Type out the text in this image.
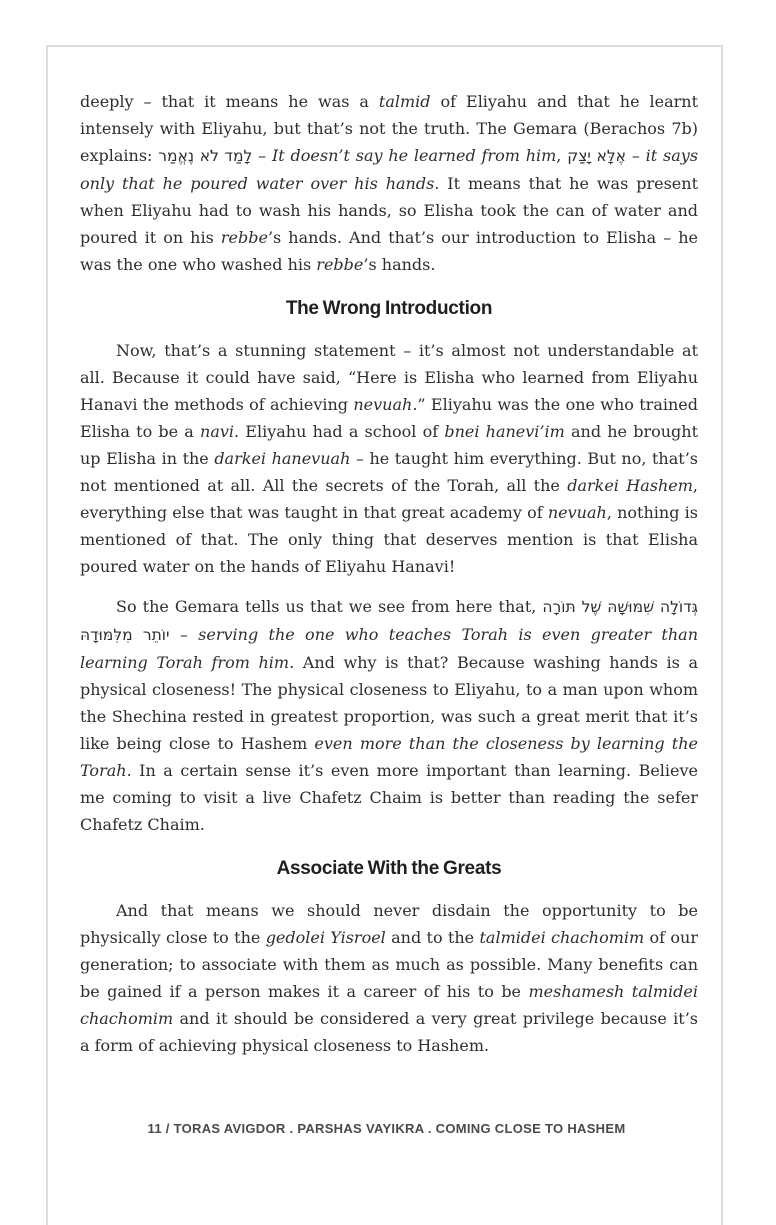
deeply – that it means he was a talmid of Eliyahu and that he learnt intensely with Eliyahu, but that’s not the truth. The Gemara (Berachos 7b) explains: לָמַד לֹא נֶאֱמַר – It doesn’t say he learned from him, אֶלָּא יָצַק – it says only that he poured water over his hands. It means that he was present when Eliyahu had to wash his hands, so Elisha took the can of water and poured it on his rebbe’s hands. And that’s our introduction to Elisha – he was the one who washed his rebbe’s hands.

The Wrong Introduction

Now, that’s a stunning statement – it’s almost not understandable at all. Because it could have said, “Here is Elisha who learned from Eliyahu Hanavi the methods of achieving nevuah.” Eliyahu was the one who trained Elisha to be a navi. Eliyahu had a school of bnei hanevi’im and he brought up Elisha in the darkei hanevuah – he taught him everything. But no, that’s not mentioned at all. All the secrets of the Torah, all the darkei Hashem, everything else that was taught in that great academy of nevuah, nothing is mentioned of that. The only thing that deserves mention is that Elisha poured water on the hands of Eliyahu Hanavi!

So the Gemara tells us that we see from here that, גְּדוֹלָה שִׁמּוּשָׁהּ שֶׁל תּוֹרָה יוֹתֵר מִלִּמּוּדָהּ – serving the one who teaches Torah is even greater than learning Torah from him. And why is that? Because washing hands is a physical closeness! The physical closeness to Eliyahu, to a man upon whom the Shechina rested in greatest proportion, was such a great merit that it’s like being close to Hashem even more than the closeness by learning the Torah. In a certain sense it’s even more important than learning. Believe me coming to visit a live Chafetz Chaim is better than reading the sefer Chafetz Chaim.

Associate With the Greats

And that means we should never disdain the opportunity to be physically close to the gedolei Yisroel and to the talmidei chachomim of our generation; to associate with them as much as possible. Many benefits can be gained if a person makes it a career of his to be meshamesh talmidei chachomim and it should be considered a very great privilege because it’s a form of achieving physical closeness to Hashem.

11 / TORAS AVIGDOR . PARSHAS VAYIKRA . COMING CLOSE TO HASHEM
